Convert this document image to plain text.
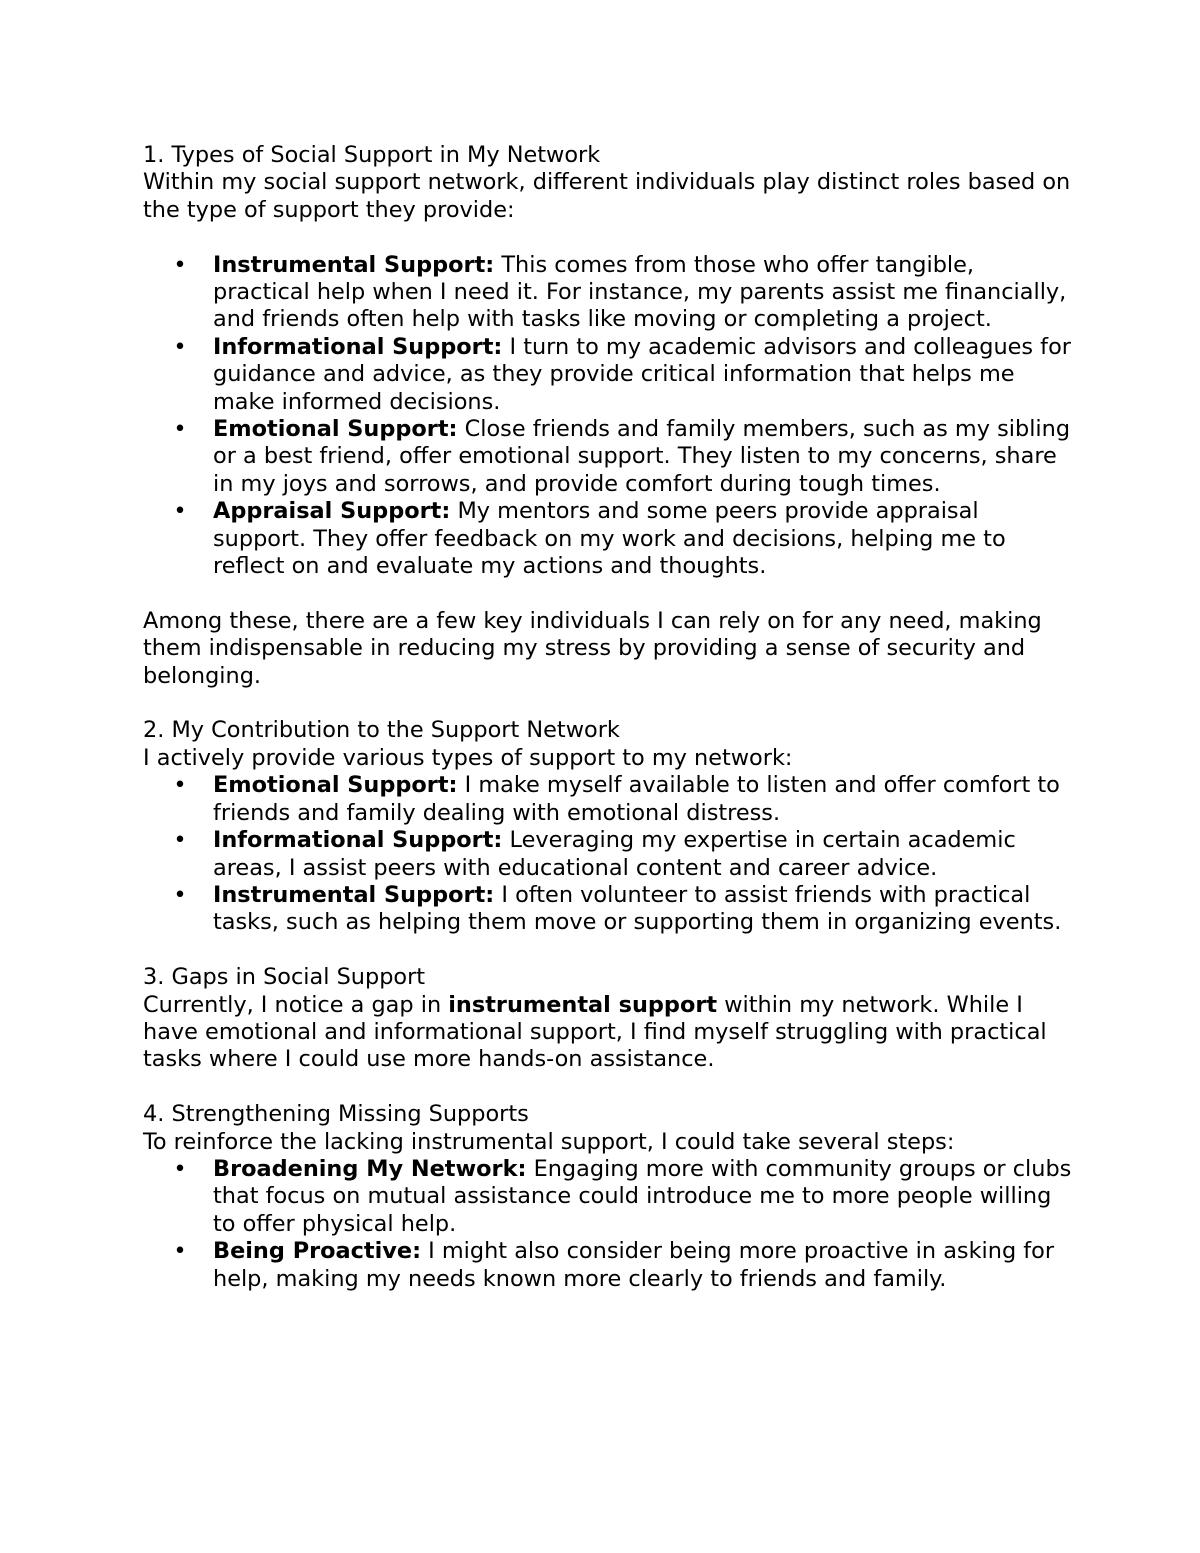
1. Types of Social Support in My Network

Within my social support network, different individuals play distinct roles based on the type of support they provide:

• Instrumental Support: This comes from those who offer tangible, practical help when I need it. For instance, my parents assist me financially, and friends often help with tasks like moving or completing a project.
• Informational Support: I turn to my academic advisors and colleagues for guidance and advice, as they provide critical information that helps me make informed decisions.
• Emotional Support: Close friends and family members, such as my sibling or a best friend, offer emotional support. They listen to my concerns, share in my joys and sorrows, and provide comfort during tough times.
• Appraisal Support: My mentors and some peers provide appraisal support. They offer feedback on my work and decisions, helping me to reflect on and evaluate my actions and thoughts.

Among these, there are a few key individuals I can rely on for any need, making them indispensable in reducing my stress by providing a sense of security and belonging.

2. My Contribution to the Support Network

I actively provide various types of support to my network:

• Emotional Support: I make myself available to listen and offer comfort to friends and family dealing with emotional distress.
• Informational Support: Leveraging my expertise in certain academic areas, I assist peers with educational content and career advice.
• Instrumental Support: I often volunteer to assist friends with practical tasks, such as helping them move or supporting them in organizing events.

3. Gaps in Social Support

Currently, I notice a gap in instrumental support within my network. While I have emotional and informational support, I find myself struggling with practical tasks where I could use more hands-on assistance.

4. Strengthening Missing Supports

To reinforce the lacking instrumental support, I could take several steps:

• Broadening My Network: Engaging more with community groups or clubs that focus on mutual assistance could introduce me to more people willing to offer physical help.
• Being Proactive: I might also consider being more proactive in asking for help, making my needs known more clearly to friends and family.
